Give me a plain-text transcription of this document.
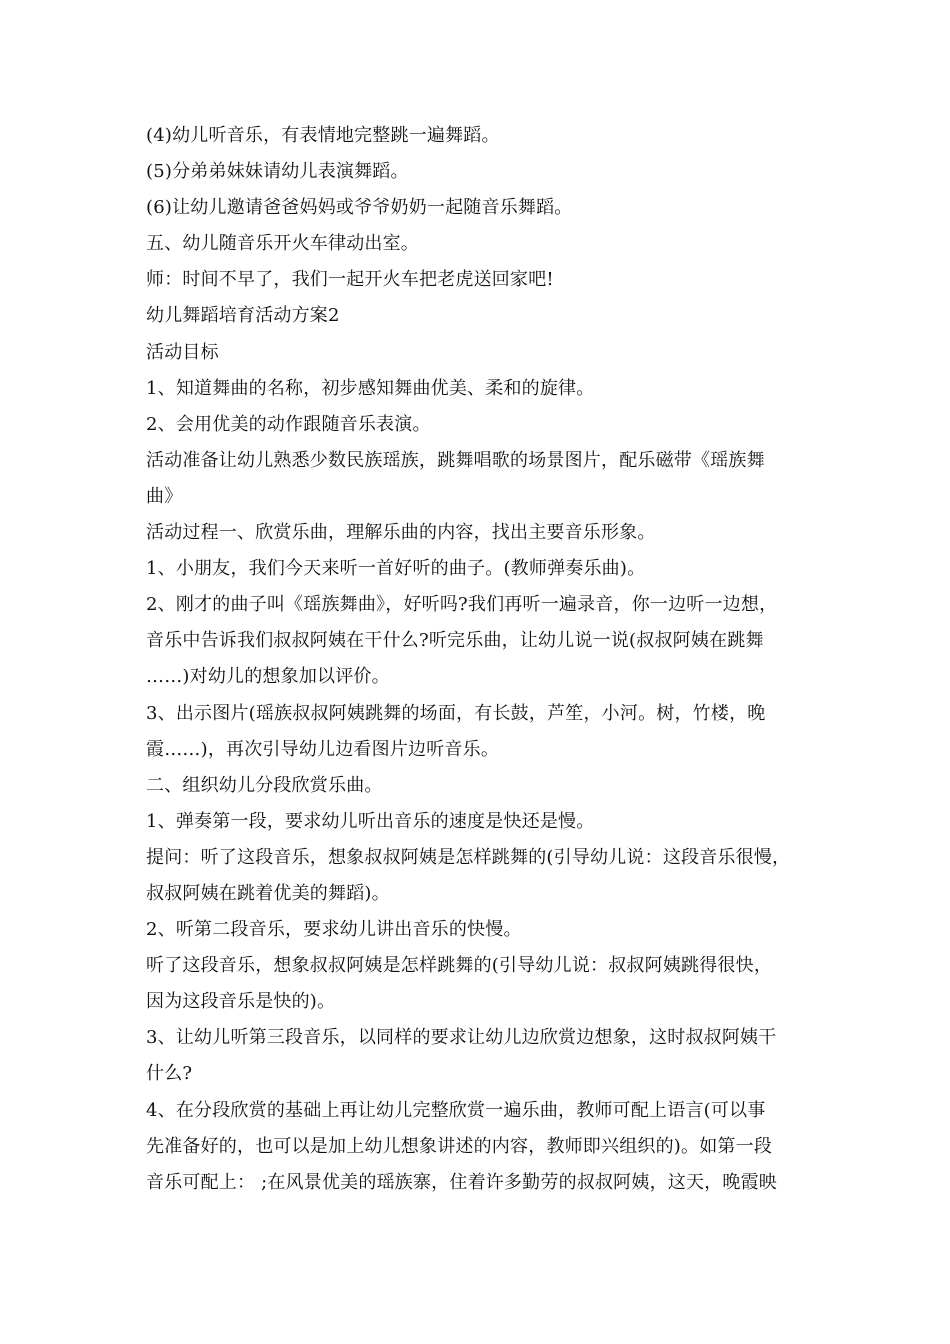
(4)幼儿听音乐，有表情地完整跳一遍舞蹈。
(5)分弟弟妹妹请幼儿表演舞蹈。
(6)让幼儿邀请爸爸妈妈或爷爷奶奶一起随音乐舞蹈。
五、幼儿随音乐开火车律动出室。
师：时间不早了，我们一起开火车把老虎送回家吧!
幼儿舞蹈培育活动方案2
活动目标
1、知道舞曲的名称，初步感知舞曲优美、柔和的旋律。
2、会用优美的动作跟随音乐表演。
活动准备让幼儿熟悉少数民族瑶族，跳舞唱歌的场景图片，配乐磁带《瑶族舞
曲》
活动过程一、欣赏乐曲，理解乐曲的内容，找出主要音乐形象。
1、小朋友，我们今天来听一首好听的曲子。(教师弹奏乐曲)。
2、刚才的曲子叫《瑶族舞曲》，好听吗?我们再听一遍录音，你一边听一边想，
音乐中告诉我们叔叔阿姨在干什么?听完乐曲，让幼儿说一说(叔叔阿姨在跳舞
……)对幼儿的想象加以评价。
3、出示图片(瑶族叔叔阿姨跳舞的场面，有长鼓，芦笙，小河。树，竹楼，晚
霞……)，再次引导幼儿边看图片边听音乐。
二、组织幼儿分段欣赏乐曲。
1、弹奏第一段，要求幼儿听出音乐的速度是快还是慢。
提问：听了这段音乐，想象叔叔阿姨是怎样跳舞的(引导幼儿说：这段音乐很慢，
叔叔阿姨在跳着优美的舞蹈)。
2、听第二段音乐，要求幼儿讲出音乐的快慢。
听了这段音乐，想象叔叔阿姨是怎样跳舞的(引导幼儿说：叔叔阿姨跳得很快，
因为这段音乐是快的)。
3、让幼儿听第三段音乐，以同样的要求让幼儿边欣赏边想象，这时叔叔阿姨干
什么?
4、在分段欣赏的基础上再让幼儿完整欣赏一遍乐曲，教师可配上语言(可以事
先准备好的，也可以是加上幼儿想象讲述的内容，教师即兴组织的)。如第一段
音乐可配上： ;在风景优美的瑶族寨，住着许多勤劳的叔叔阿姨，这天，晚霞映
